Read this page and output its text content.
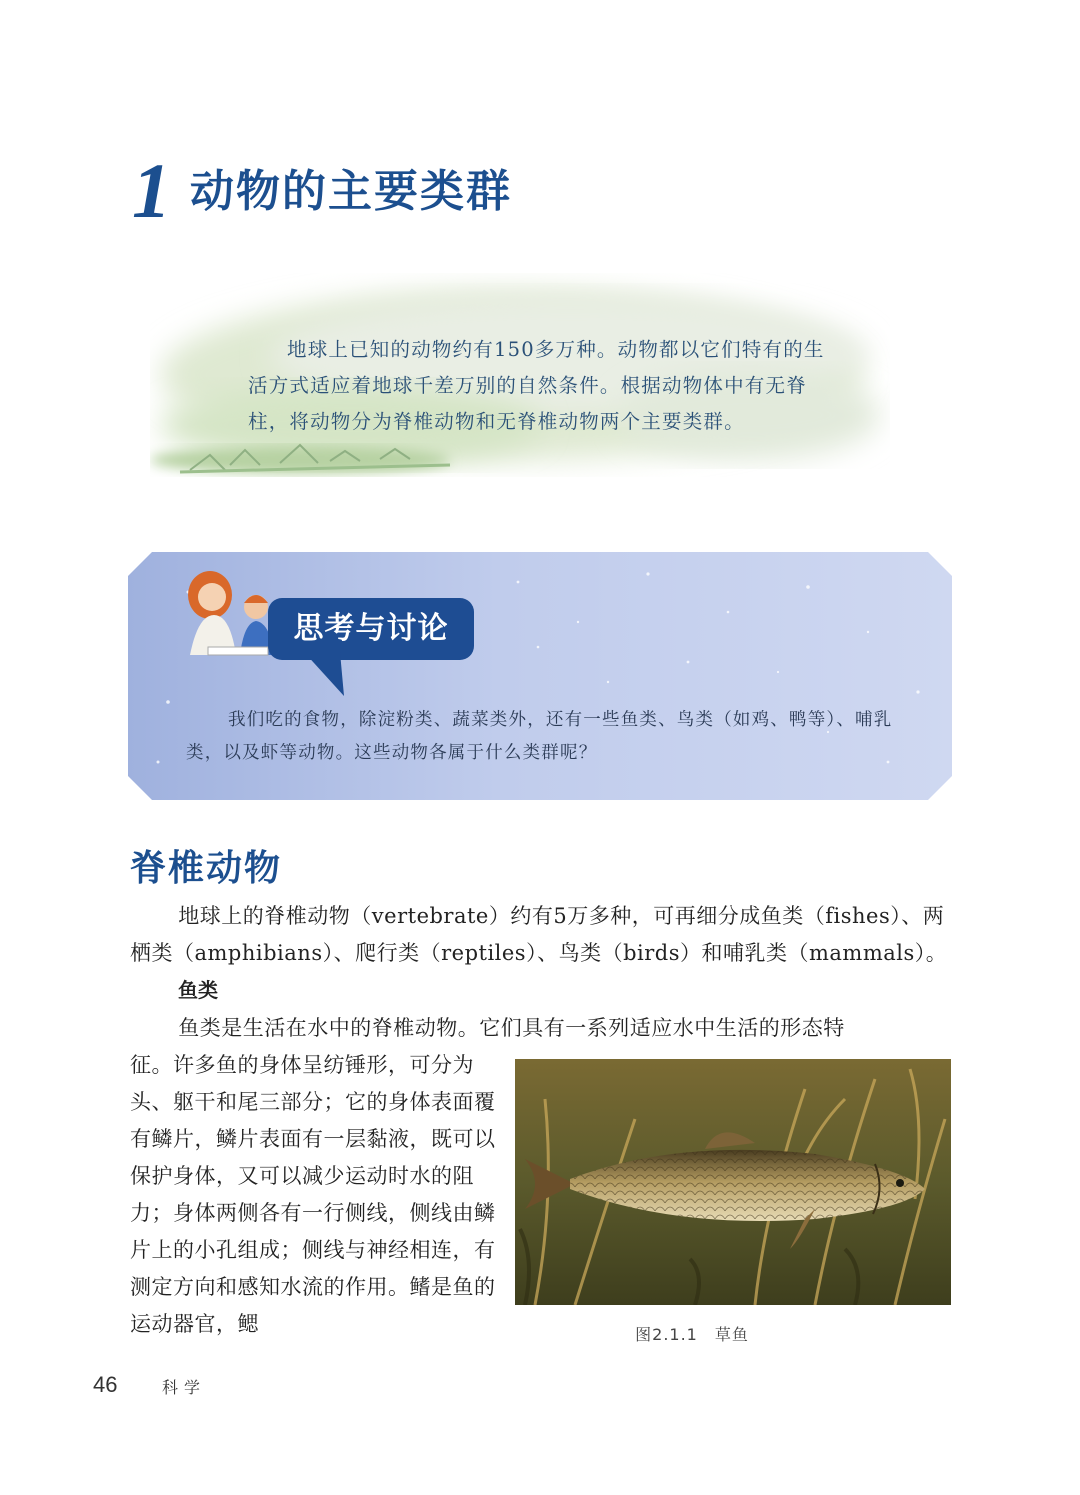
1 动物的主要类群
地球上已知的动物约有150多万种。动物都以它们特有的生活方式适应着地球千差万别的自然条件。根据动物体中有无脊柱，将动物分为脊椎动物和无脊椎动物两个主要类群。
思考与讨论
我们吃的食物，除淀粉类、蔬菜类外，还有一些鱼类、鸟类（如鸡、鸭等）、哺乳类，以及虾等动物。这些动物各属于什么类群呢？
脊椎动物
地球上的脊椎动物（vertebrate）约有5万多种，可再细分成鱼类（fishes）、两栖类（amphibians）、爬行类（reptiles）、鸟类（birds）和哺乳类（mammals）。
鱼类
鱼类是生活在水中的脊椎动物。它们具有一系列适应水中生活的形态特
征。许多鱼的身体呈纺锤形，可分为头、躯干和尾三部分；它的身体表面覆有鳞片，鳞片表面有一层黏液，既可以保护身体，又可以减少运动时水的阻力；身体两侧各有一行侧线，侧线由鳞片上的小孔组成；侧线与神经相连，有测定方向和感知水流的作用。鳍是鱼的运动器官，鳃	图2.1.1　草鱼
46	科学
